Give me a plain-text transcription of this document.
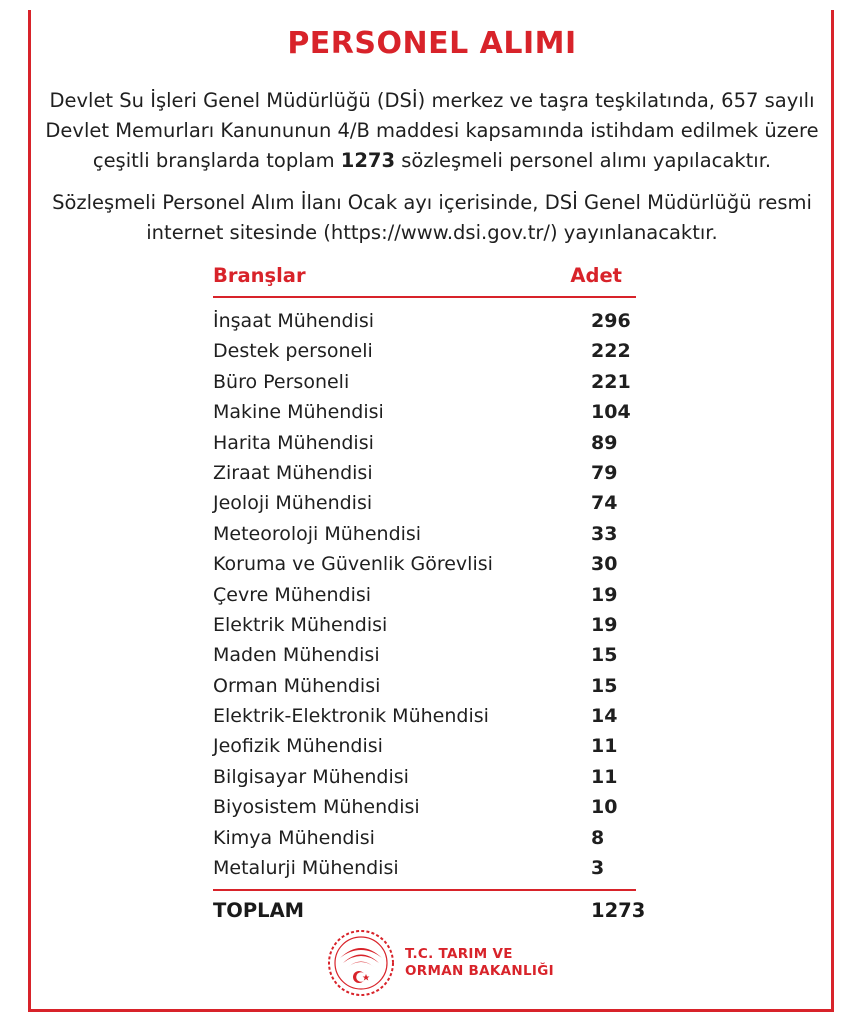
PERSONEL ALIMI
Devlet Su İşleri Genel Müdürlüğü (DSİ) merkez ve taşra teşkilatında, 657 sayılı Devlet Memurları Kanununun 4/B maddesi kapsamında istihdam edilmek üzere çeşitli branşlarda toplam 1273 sözleşmeli personel alımı yapılacaktır.
Sözleşmeli Personel Alım İlanı Ocak ayı içerisinde, DSİ Genel Müdürlüğü resmi internet sitesinde (https://www.dsi.gov.tr/) yayınlanacaktır.
Branşlar	Adet
İnşaat Mühendisi	296
Destek personeli	222
Büro Personeli	221
Makine Mühendisi	104
Harita Mühendisi	89
Ziraat Mühendisi	79
Jeoloji Mühendisi	74
Meteoroloji Mühendisi	33
Koruma ve Güvenlik Görevlisi	30
Çevre Mühendisi	19
Elektrik Mühendisi	19
Maden Mühendisi	15
Orman Mühendisi	15
Elektrik-Elektronik Mühendisi	14
Jeofizik Mühendisi	11
Bilgisayar Mühendisi	11
Biyosistem Mühendisi	10
Kimya Mühendisi	8
Metalurji Mühendisi	3
TOPLAM	1273
T.C. TARIM VE
ORMAN BAKANLIĞI
